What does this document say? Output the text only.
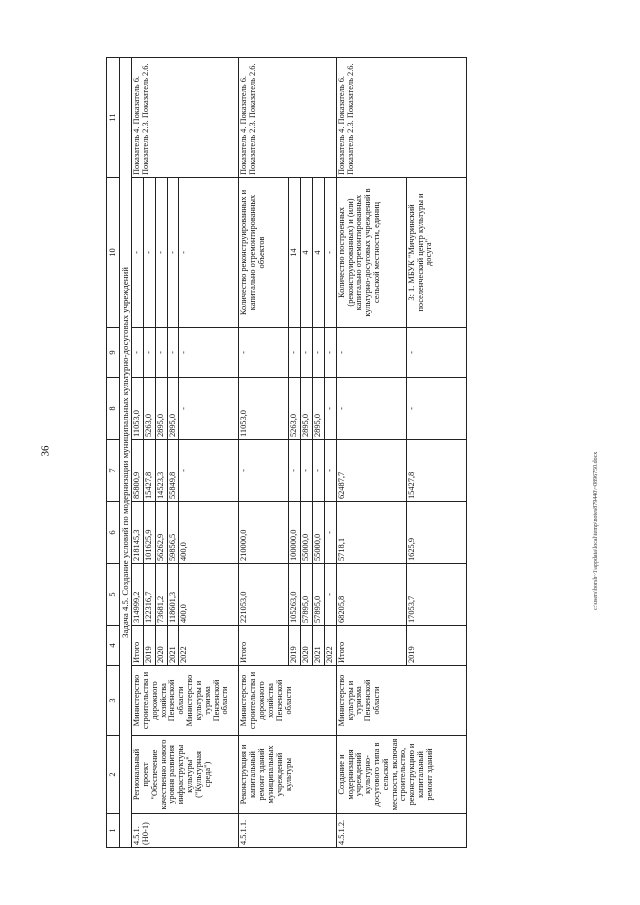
36
c:\users\borsh~1\appdata\local\temp\notes879440\~0896750.docx
1	2	3	4	5	6	7	8	9	10	11
Задача 4.5. Создание условий по модернизации муниципальных культурно-досуговых учреждений										
4.5.1. (Н0-1)	Региональный проект "Обеспечение качественно нового уровня развития инфраструктуры культуры" ("Культурная среда")	Министерство строительства и дорожного хозяйства Пензенской области Министерство культуры и туризма Пензенской области	Итого	314999,2	218145,3	85800,9	11053,0	-	-	Показатель 4. Показатель 6. Показатель 2.3. Показатель 2.6.
			2019	122316,7	101625,9	15427,8	5263,0	-	-	
			2020	73681,2	56262,9	14523,3	2895,0	-	-	
			2021	118601,3	59856,5	55849,8	2895,0	-	-	
			2022	400,0	400,0	-	-	-	-	
4.5.1.1.	Реконструкция и капитальный ремонт зданий муниципальных учреждений культуры	Министерство строительства и дорожного хозяйства Пензенской области	Итого	221053,0	210000,0	-	11053,0	-	Количество реконструированных и капитально отремонтированных объектов	Показатель 4. Показатель 6. Показатель 2.3. Показатель 2.6.
			2019	105263,0	100000,0	-	5263,0	-	14	
			2020	57895,0	55000,0	-	2895,0	-	4	
			2021	57895,0	55000,0	-	2895,0	-	4	
			2022	-	-	-	-	-	-	
4.5.1.2.	Создание и модернизация учреждений культурно-досугового типа в сельской местности, включая строительство, реконструкцию и капитальный ремонт зданий	Министерство культуры и туризма Пензенской области	Итого	68205,8	5718,1	62487,7	-	-	Количество построенных (реконструированных) и (или) капитально отремонтированных культурно-досуговых учреждений в сельской местности, единиц	Показатель 4. Показатель 6. Показатель 2.3. Показатель 2.6.
			2019	17053,7	1625,9	15427,8	-	-	3: 1. МБУК "Мичуринский поселенческий центр культуры и досуга"	
